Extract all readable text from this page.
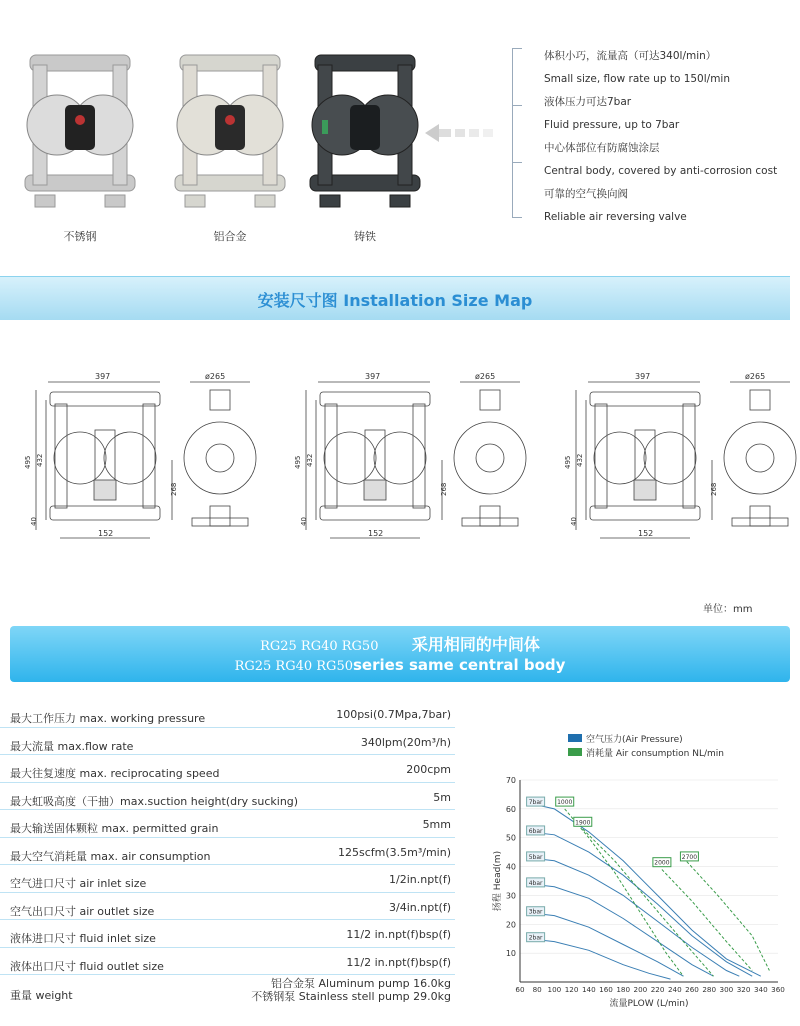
不锈钢	铝合金	铸铁
体积小巧，流量高（可达340l/min）
Small size, flow rate up to 150l/min
液体压力可达7bar
Fluid pressure, up to 7bar
中心体部位有防腐蚀涂层
Central body, covered by anti-corrosion cost
可靠的空气换向阀
Reliable air reversing valve
安装尺寸图 Installation Size Map
397
495 432
268
152
40
ø265
单位：mm
RG25 RG40 RG50 采用相同的中间体
RG25 RG40 RG50series same central body
最大工作压力 max. working pressure	100psi(0.7Mpa,7bar)
最大流量 max.flow rate	340lpm(20m³/h)
最大往复速度 max. reciprocating speed	200cpm
最大虹吸高度（干抽）max.suction height(dry sucking)	5m
最大输送固体颗粒 max. permitted grain	5mm
最大空气消耗量 max. air consumption	125scfm(3.5m³/min)
空气进口尺寸 air inlet size	1/2in.npt(f)
空气出口尺寸 air outlet size	3/4in.npt(f)
液体进口尺寸 fluid inlet size	11/2 in.npt(f)bsp(f)
液体出口尺寸 fluid outlet size	11/2 in.npt(f)bsp(f)
重量 weight
铝合金泵 Aluminum pump 16.0kg
不锈钢泵 Stainless stell pump 29.0kg
空气压力(Air Pressure)
消耗量 Air consumption NL/min
10
20
30
40
50
60
70
60 80 100 120 140 160 180 200 220 240 260 280 300 320 340 360
流量PLOW (L/min)
扬程 Head(m)
7bar
6bar
5bar
4bar
3bar
2bar
1000
1900
2000
2700
